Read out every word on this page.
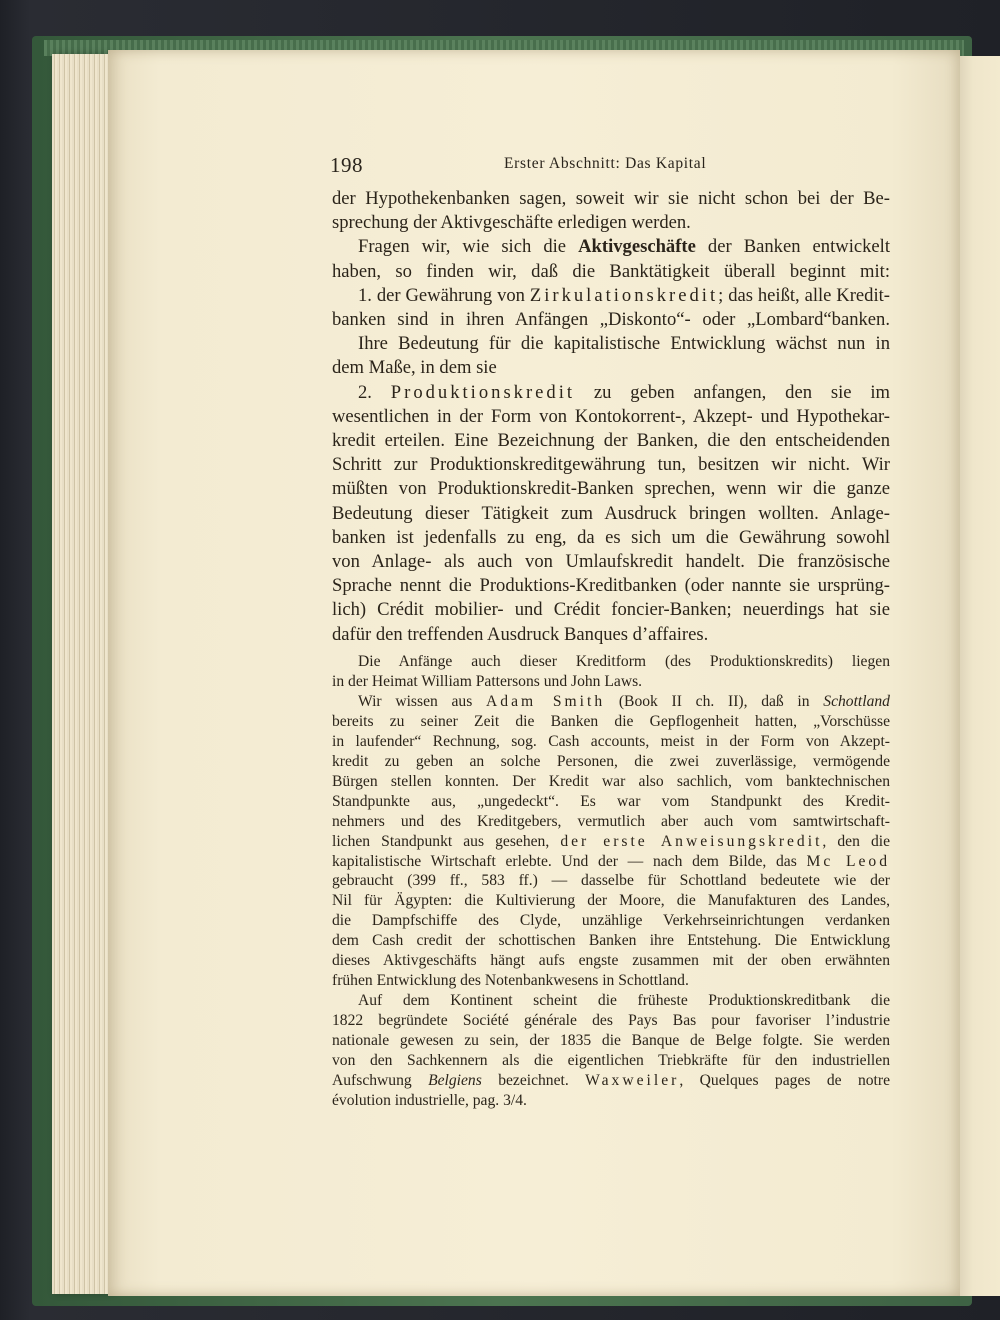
198	Erster Abschnitt: Das Kapital
der Hypothekenbanken sagen, soweit wir sie nicht schon bei der Be-
sprechung der Aktivgeschäfte erledigen werden.
Fragen wir, wie sich die Aktivgeschäfte der Banken entwickelt
haben, so finden wir, daß die Banktätigkeit überall beginnt mit:
1. der Gewährung von Zirkulationskredit; das heißt, alle Kredit-
banken sind in ihren Anfängen „Diskonto“- oder „Lombard“banken.
Ihre Bedeutung für die kapitalistische Entwicklung wächst nun in
dem Maße, in dem sie
2. Produktionskredit zu geben anfangen, den sie im
wesentlichen in der Form von Kontokorrent-, Akzept- und Hypothekar-
kredit erteilen. Eine Bezeichnung der Banken, die den entscheidenden
Schritt zur Produktionskreditgewährung tun, besitzen wir nicht. Wir
müßten von Produktionskredit-Banken sprechen, wenn wir die ganze
Bedeutung dieser Tätigkeit zum Ausdruck bringen wollten. Anlage-
banken ist jedenfalls zu eng, da es sich um die Gewährung sowohl
von Anlage- als auch von Umlaufskredit handelt. Die französische
Sprache nennt die Produktions-Kreditbanken (oder nannte sie ursprüng-
lich) Crédit mobilier- und Crédit foncier-Banken; neuerdings hat sie
dafür den treffenden Ausdruck Banques d’affaires.
Die Anfänge auch dieser Kreditform (des Produktionskredits) liegen
in der Heimat William Pattersons und John Laws.
Wir wissen aus Adam Smith (Book II ch. II), daß in Schottland
bereits zu seiner Zeit die Banken die Gepflogenheit hatten, „Vorschüsse
in laufender“ Rechnung, sog. Cash accounts, meist in der Form von Akzept-
kredit zu geben an solche Personen, die zwei zuverlässige, vermögende
Bürgen stellen konnten. Der Kredit war also sachlich, vom banktechnischen
Standpunkte aus, „ungedeckt“. Es war vom Standpunkt des Kredit-
nehmers und des Kreditgebers, vermutlich aber auch vom samtwirtschaft-
lichen Standpunkt aus gesehen, der erste Anweisungskredit, den die
kapitalistische Wirtschaft erlebte. Und der — nach dem Bilde, das Mc Leod
gebraucht (399 ff., 583 ff.) — dasselbe für Schottland bedeutete wie der
Nil für Ägypten: die Kultivierung der Moore, die Manufakturen des Landes,
die Dampfschiffe des Clyde, unzählige Verkehrseinrichtungen verdanken
dem Cash credit der schottischen Banken ihre Entstehung. Die Entwicklung
dieses Aktivgeschäfts hängt aufs engste zusammen mit der oben erwähnten
frühen Entwicklung des Notenbankwesens in Schottland.
Auf dem Kontinent scheint die früheste Produktionskreditbank die
1822 begründete Société générale des Pays Bas pour favoriser l’industrie
nationale gewesen zu sein, der 1835 die Banque de Belge folgte. Sie werden
von den Sachkennern als die eigentlichen Triebkräfte für den industriellen
Aufschwung Belgiens bezeichnet. Waxweiler, Quelques pages de notre
évolution industrielle, pag. 3/4.
